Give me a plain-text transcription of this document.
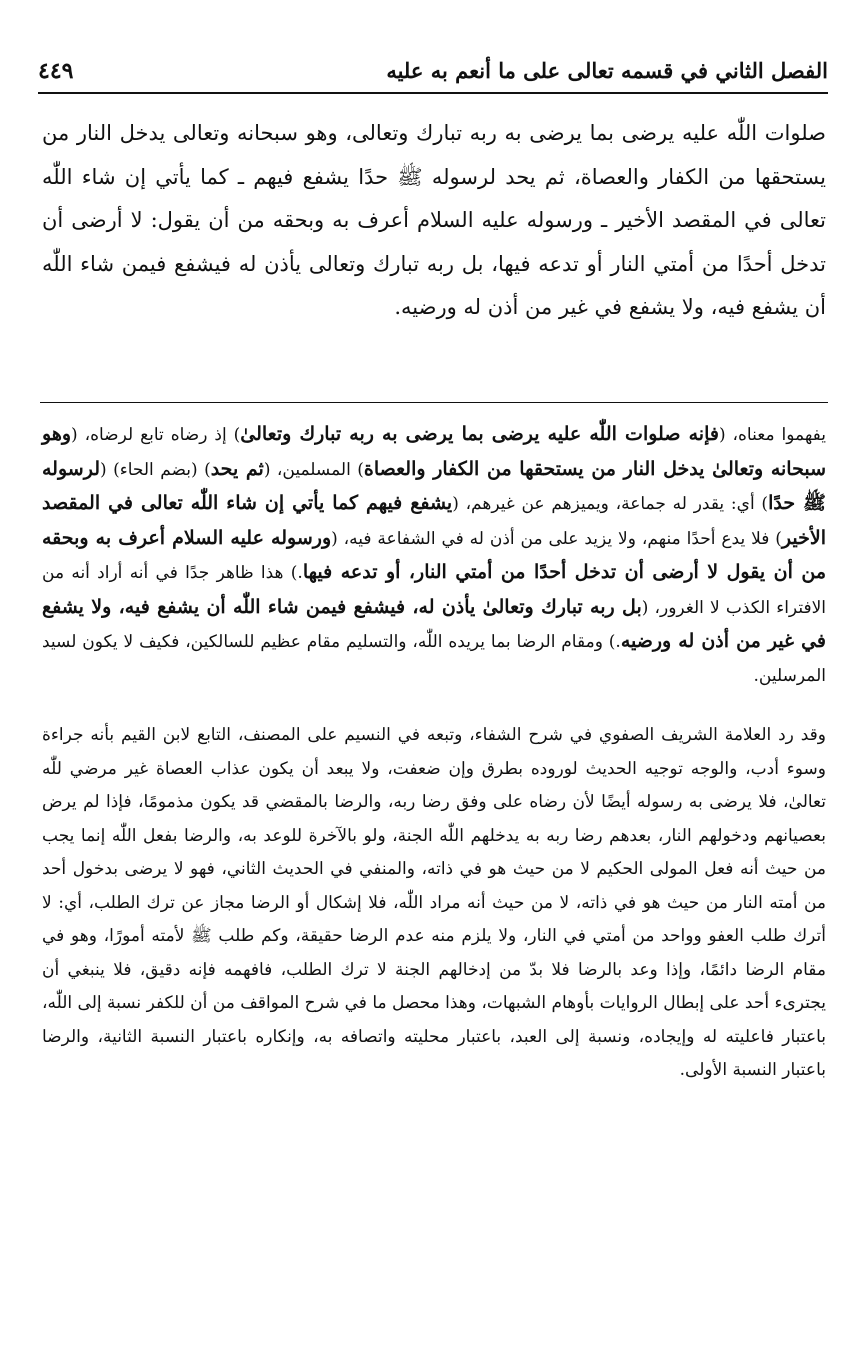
الفصل الثاني في قسمه تعالى على ما أنعم به عليه
٤٤٩

صلوات اللّٰه عليه يرضى بما يرضى به ربه تبارك وتعالى، وهو سبحانه وتعالى يدخل النار من يستحقها من الكفار والعصاة، ثم يحد لرسوله ﷺ حدًا يشفع فيهم ـ كما يأتي إن شاء اللّٰه تعالى في المقصد الأخير ـ ورسوله عليه السلام أعرف به وبحقه من أن يقول: لا أرضى أن تدخل أحدًا من أمتي النار أو تدعه فيها، بل ربه تبارك وتعالى يأذن له فيشفع فيمن شاء اللّٰه أن يشفع فيه، ولا يشفع في غير من أذن له ورضيه.

يفهموا معناه، (فإنه صلوات اللّٰه عليه يرضى بما يرضى به ربه تبارك وتعالىٰ) إذ رضاه تابع لرضاه، (وهو سبحانه وتعالىٰ يدخل النار من يستحقها من الكفار والعصاة) المسلمين، (ثم يحد) (بضم الحاء) (لرسوله ﷺ حدًا) أي: يقدر له جماعة، ويميزهم عن غيرهم، (يشفع فيهم كما يأتي إن شاء اللّٰه تعالى في المقصد الأخير) فلا يدع أحدًا منهم، ولا يزيد على من أذن له في الشفاعة فيه، (ورسوله عليه السلام أعرف به وبحقه من أن يقول لا أرضى أن تدخل أحدًا من أمتي النار، أو تدعه فيها.) هذا ظاهر جدًا في أنه أراد أنه من الافتراء الكذب لا الغرور، (بل ربه تبارك وتعالىٰ يأذن له، فيشفع فيمن شاء اللّٰه أن يشفع فيه، ولا يشفع في غير من أذن له ورضيه.) ومقام الرضا بما يريده اللّٰه، والتسليم مقام عظيم للسالكين، فكيف لا يكون لسيد المرسلين.

وقد رد العلامة الشريف الصفوي في شرح الشفاء، وتبعه في النسيم على المصنف، التابع لابن القيم بأنه جراءة وسوء أدب، والوجه توجيه الحديث لوروده بطرق وإن ضعفت، ولا يبعد أن يكون عذاب العصاة غير مرضي للّٰه تعالىٰ، فلا يرضى به رسوله أيضًا لأن رضاه على وفق رضا ربه، والرضا بالمقضي قد يكون مذمومًا، فإذا لم يرض بعصيانهم ودخولهم النار، بعدهم رضا ربه به يدخلهم اللّٰه الجنة، ولو بالآخرة للوعد به، والرضا بفعل اللّٰه إنما يجب من حيث أنه فعل المولى الحكيم لا من حيث هو في ذاته، والمنفي في الحديث الثاني، فهو لا يرضى بدخول أحد من أمته النار من حيث هو في ذاته، لا من حيث أنه مراد اللّٰه، فلا إشكال أو الرضا مجاز عن ترك الطلب، أي: لا أترك طلب العفو وواحد من أمتي في النار، ولا يلزم منه عدم الرضا حقيقة، وكم طلب ﷺ لأمته أمورًا، وهو في مقام الرضا دائمًا، وإذا وعد بالرضا فلا بدّ من إدخالهم الجنة لا ترك الطلب، فافهمه فإنه دقيق، فلا ينبغي أن يجترىء أحد على إبطال الروايات بأوهام الشبهات، وهذا محصل ما في شرح المواقف من أن للكفر نسبة إلى اللّٰه، باعتبار فاعليته له وإيجاده، ونسبة إلى العبد، باعتبار محليته واتصافه به، وإنكاره باعتبار النسبة الثانية، والرضا باعتبار النسبة الأولى.
